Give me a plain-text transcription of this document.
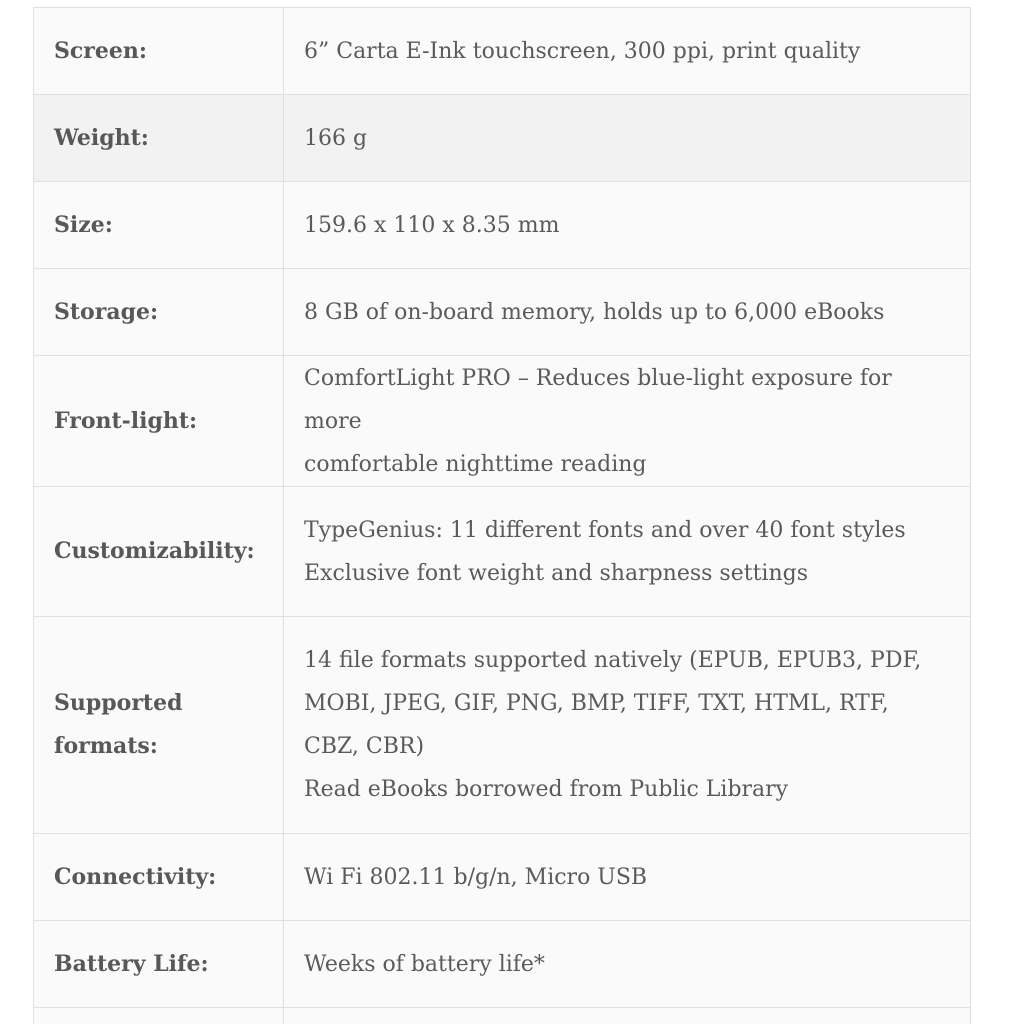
Screen:	6” Carta E-Ink touchscreen, 300 ppi, print quality
Weight:	166 g
Size:	159.6 x 110 x 8.35 mm
Storage:	8 GB of on-board memory, holds up to 6,000 eBooks
Front-light:	ComfortLight PRO – Reduces blue-light exposure for more
comfortable nighttime reading

Customizability:	TypeGenius: 11 different fonts and over 40 font styles
Exclusive font weight and sharpness settings

Supported
formats:	14 file formats supported natively (EPUB, EPUB3, PDF,
MOBI, JPEG, GIF, PNG, BMP, TIFF, TXT, HTML, RTF,
CBZ, CBR)
Read eBooks borrowed from Public Library

Connectivity:	Wi Fi 802.11 b/g/n, Micro USB
Battery Life:	Weeks of battery life*
